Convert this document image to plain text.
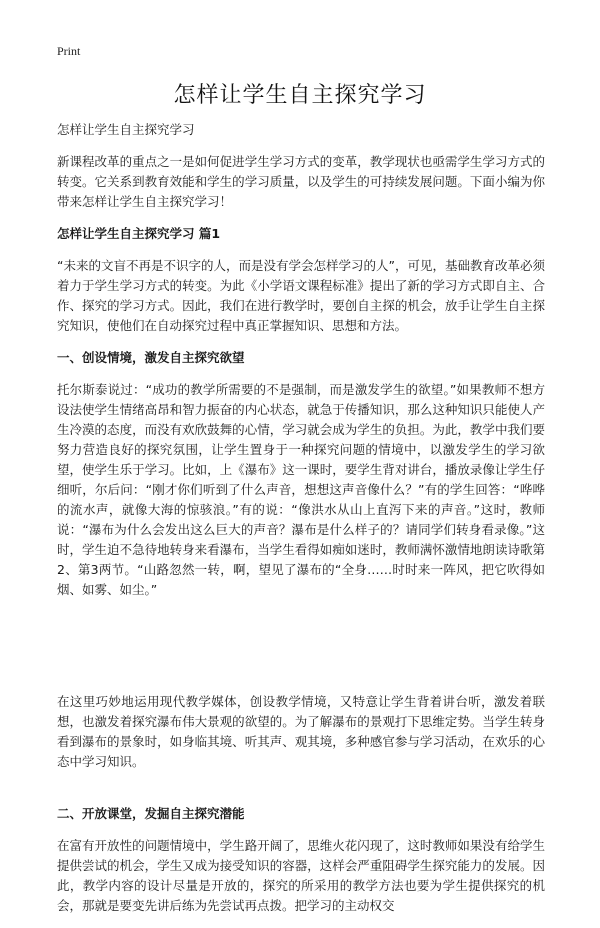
Print
怎样让学生自主探究学习
怎样让学生自主探究学习
新课程改革的重点之一是如何促进学生学习方式的变革，教学现状也亟需学生学习方式的转变。它关系到教育效能和学生的学习质量，以及学生的可持续发展问题。下面小编为你带来怎样让学生自主探究学习！
怎样让学生自主探究学习 篇1
“未来的文盲不再是不识字的人，而是没有学会怎样学习的人”，可见，基础教育改革必须着力于学生学习方式的转变。为此《小学语文课程标准》提出了新的学习方式即自主、合作、探究的学习方式。因此，我们在进行教学时，要创自主探的机会，放手让学生自主探究知识，使他们在自动探究过程中真正掌握知识、思想和方法。
一、创设情境，激发自主探究欲望
托尔斯泰说过：“成功的教学所需要的不是强制，而是激发学生的欲望。”如果教师不想方设法使学生情绪高昂和智力振奋的内心状态，就急于传播知识，那么这种知识只能使人产生冷漠的态度，而没有欢欣鼓舞的心情，学习就会成为学生的负担。为此，教学中我们要努力营造良好的探究氛围，让学生置身于一种探究问题的情境中，以激发学生的学习欲望，使学生乐于学习。比如，上《瀑布》这一课时，要学生背对讲台，播放录像让学生仔细听，尔后问：“刚才你们听到了什么声音，想想这声音像什么？”有的学生回答：“哗哗的流水声，就像大海的惊骇浪。”有的说：“像洪水从山上直泻下来的声音。”这时，教师说：“瀑布为什么会发出这么巨大的声音？瀑布是什么样子的？请同学们转身看录像。”这时，学生迫不急待地转身来看瀑布，当学生看得如痴如迷时，教师满怀激情地朗读诗歌第2、第3两节。“山路忽然一转，啊，望见了瀑布的“全身……时时来一阵风，把它吹得如烟、如雾、如尘。”
在这里巧妙地运用现代教学媒体，创设教学情境，又特意让学生背着讲台听，激发着联想，也激发着探究瀑布伟大景观的欲望的。为了解瀑布的景观打下思维定势。当学生转身看到瀑布的景象时，如身临其境、听其声、观其境，多种感官参与学习活动，在欢乐的心态中学习知识。
二、开放课堂，发掘自主探究潜能
在富有开放性的问题情境中，学生路开阔了，思维火花闪现了，这时教师如果没有给学生提供尝试的机会，学生又成为接受知识的容器，这样会严重阻碍学生探究能力的发展。因此，教学内容的设计尽量是开放的，探究的所采用的教学方法也要为学生提供探究的机会，那就是要变先讲后练为先尝试再点拨。把学习的主动权交
